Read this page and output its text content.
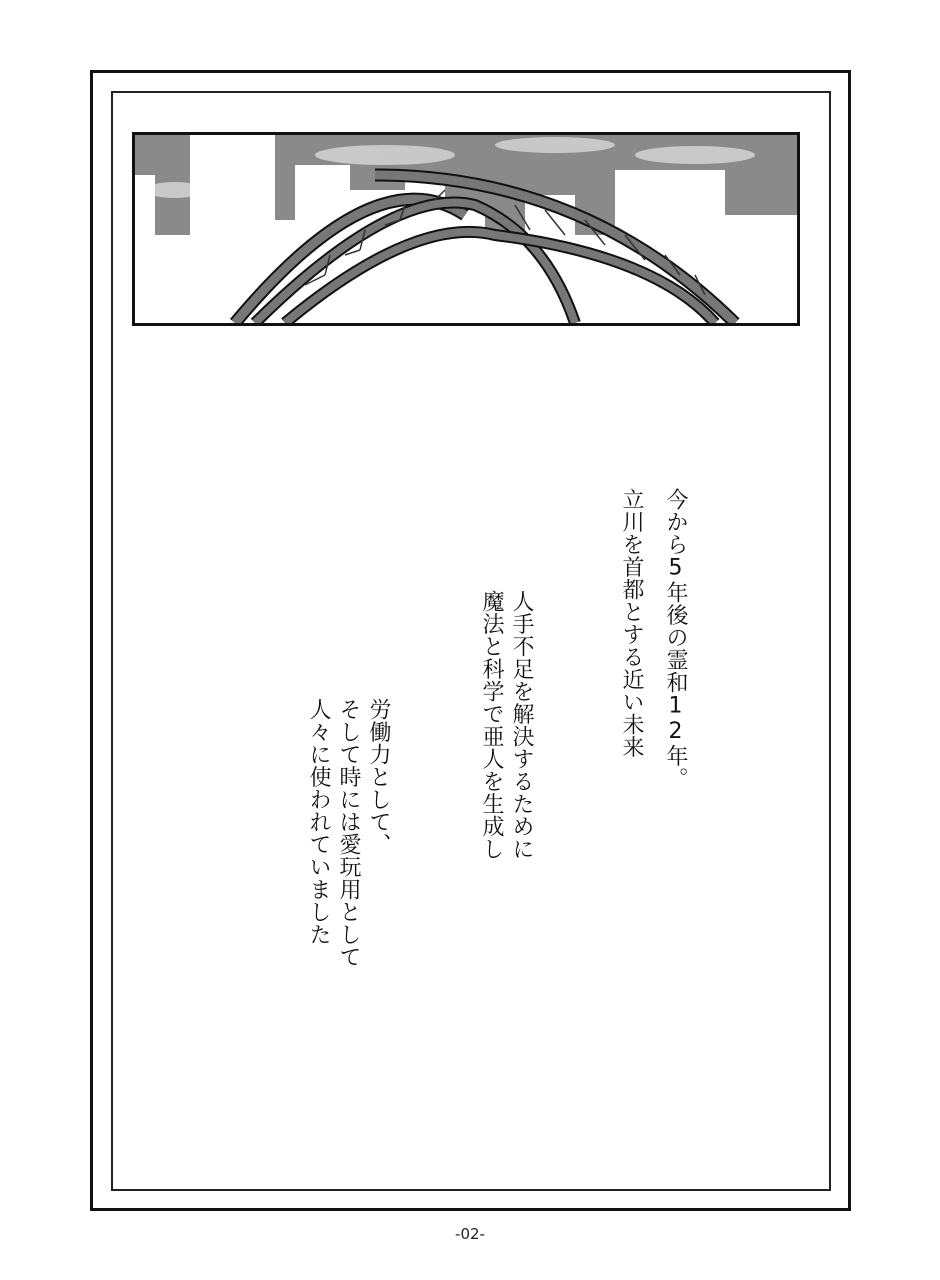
今から5年後の霊和12年。
立川を首都とする近い未来
人手不足を解決するために
魔法と科学で亜人を生成し
労働力として、
そして時には愛玩用として
人々に使われていました
-02-
